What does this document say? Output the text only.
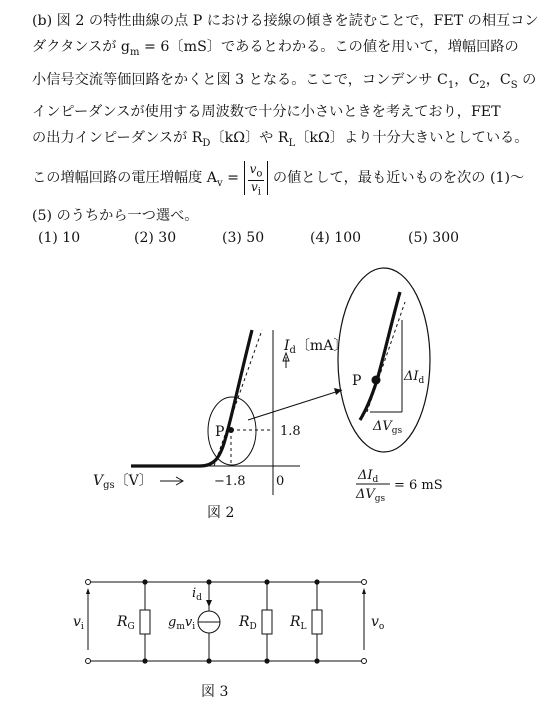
(b) 図 2 の特性曲線の点 P における接線の傾きを読むことで，FET の相互コン

ダクタンスが $g_m = 6$〔mS〕であるとわかる。この値を用いて，増幅回路の

小信号交流等価回路をかくと図 3 となる。ここで，コンデンサ $C_1$，$C_2$，$C_S$ の

インピーダンスが使用する周波数で十分に小さいときを考えており，FET

の出力インピーダンスが $R_D$〔kΩ〕や $R_L$〔kΩ〕より十分大きいとしている。

この増幅回路の電圧増幅度 $A_v = \frac{v_o}{v_i}$ の値として，最も近いものを次の (1)～

(5) のうちから一つ選べ。

(1) 10	(2) 30	(3) 50	(4) 100	(5) 300
P
$I_d$〔mA〕
1.8
−1.8 0
$V_{gs}$〔V〕
P	$\Delta I_d$
$\Delta V_{gs}$
$\Delta I_d$
$\Delta V_{gs}$
= 6 mS
$v_i$	$v_o$
$R_G$	$g_mv_i$	$R_D$ $R_L$
$i_d$
図 2
図 3
